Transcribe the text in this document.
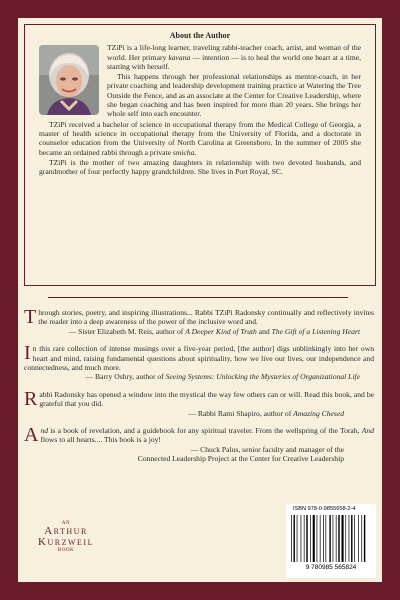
About the Author

TZiPi is a life-long learner, traveling rabbi-teacher coach, artist, and woman of the world. Her primary kavana — intention — is to heal the world one heart at a time, starting with herself.

This happens through her professional relationships as mentor-coach, in her private coaching and leadership development training practice at Watering the Tree Outside the Fence, and as an associate at the Center for Creative Leadership, where she began coaching and has been inspired for more than 20 years. She brings her whole self into each encounter.

TZiPi received a bachelor of science in occupational therapy from the Medical College of Georgia, a master of health science in occupational therapy from the University of Florida, and a doctorate in counselor education from the University of North Carolina at Greensboro. In the summer of 2005 she became an ordained rabbi through a private smicha.

TZiPi is the mother of two amazing daughters in relationship with two devoted husbands, and grandmother of four perfectly happy grandchildren. She lives in Port Royal, SC.

Through stories, poetry, and inspiring illustrations... Rabbi TZiPi Radonsky continually and reflectively invites the reader into a deep awareness of the power of the inclusive word and.

— Sister Elizabeth M. Reis, author of A Deeper Kind of Truth and The Gift of a Listening Heart

In this rare collection of intense musings over a five-year period, [the author] digs unblinkingly into her own heart and mind, raising fundamental questions about spirituality, how we live our lives, our independence and connectedness, and much more.

— Barry Oshry, author of Seeing Systems: Unlocking the Mysteries of Organizational Life

Rabbi Radonsky has opened a window into the mystical the way few others can or will. Read this book, and be grateful that you did.

— Rabbi Rami Shapiro, author of Amazing Chesed

And is a book of revelation, and a guidebook for any spiritual traveler. From the wellspring of the Torah, And flows to all hearts.... This book is a joy!

— Chuck Palus, senior faculty and manager of the

Connected Leadership Project at the Center for Creative Leadership

AN
Arthur
Kurzweil
BOOK
ISBN 978-0-9855658-2-4
9 780985 565824
